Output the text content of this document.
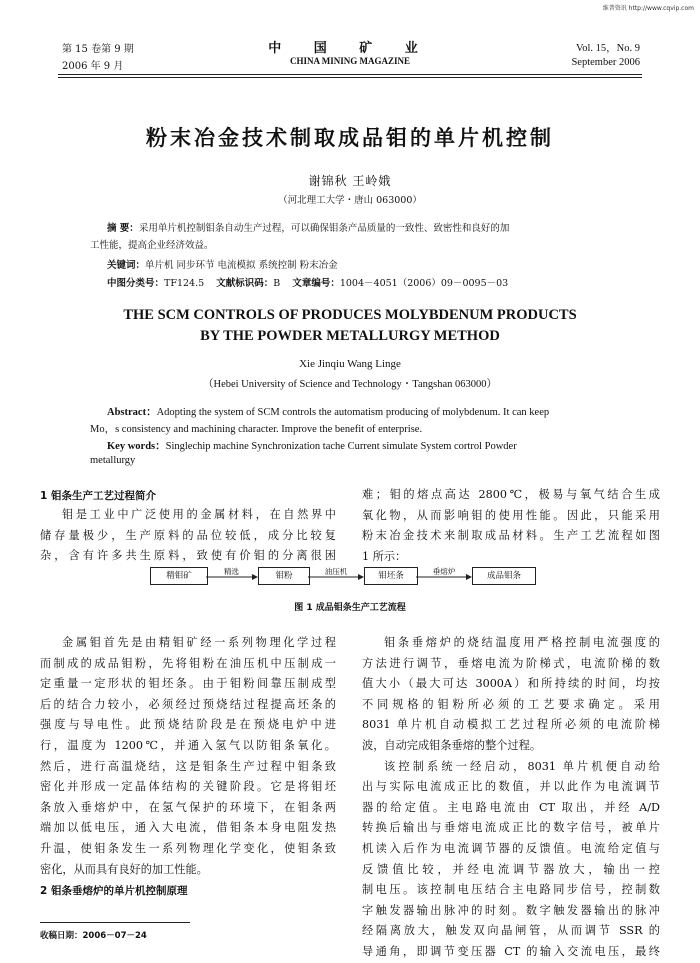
维普资讯 http://www.cqvip.com
第 15 卷第 9 期
2006 年 9 月
中 国 矿 业
CHINA MINING MAGAZINE
Vol. 15，No. 9
September 2006
粉末冶金技术制取成品钼的单片机控制
谢锦秋 王岭娥
（河北理工大学・唐山 063000）
摘 要：采用单片机控制钼条自动生产过程，可以确保钼条产品质量的一致性、致密性和良好的加
工性能，提高企业经济效益。
关键词：单片机 同步环节 电流模拟 系统控制 粉末冶金
中图分类号：TF124.5 文献标识码：B 文章编号：1004－4051（2006）09－0095－03
THE SCM CONTROLS OF PRODUCES MOLYBDENUM PRODUCTS
BY THE POWDER METALLURGY METHOD
Xie Jinqiu Wang Linge
（Hebei University of Science and Technology・Tangshan 063000）
Abstract：Adopting the system of SCM controls the automatism producing of molybdenum. It can keep
Mo，s consistency and machining character. Improve the benefit of enterprise.
Key words：Singlechip machine Synchronization tache Current simulate System cortrol Powder
metallurgy
1 钼条生产工艺过程简介
钼是工业中广泛使用的金属材料，在自然界中
储存量极少，生产原料的品位较低，成分比较复
杂，含有许多共生原料，致使有价钼的分离很困
难；钼的熔点高达 2800℃，极易与氧气结合生成
氧化物，从而影响钼的使用性能。因此，只能采用
粉末冶金技术来制取成品材料。生产工艺流程如图
1 所示：
精钼矿	精选	钼粉	油压机	钼坯条	垂熔炉	成品钼条
图 1 成品钼条生产工艺流程
金属钼首先是由精钼矿经一系列物理化学过程
而制成的成品钼粉，先将钼粉在油压机中压制成一
定重量一定形状的钼坯条。由于钼粉间靠压制成型
后的结合力较小，必须经过预烧结过程提高坯条的
强度与导电性。此预烧结阶段是在预烧电炉中进
行，温度为 1200℃，并通入氢气以防钼条氧化。
然后，进行高温烧结，这是钼条生产过程中钼条致
密化并形成一定晶体结构的关键阶段。它是将钼坯
条放入垂熔炉中，在氢气保护的环境下，在钼条两
端加以低电压，通入大电流，借钼条本身电阻发热
升温，使钼条发生一系列物理化学变化，使钼条致
密化，从而具有良好的加工性能。
2 钼条垂熔炉的单片机控制原理
收稿日期：2006－07－24
钼条垂熔炉的烧结温度用严格控制电流强度的
方法进行调节，垂熔电流为阶梯式，电流阶梯的数
值大小（最大可达 3000A）和所持续的时间，均按
不同规格的钼粉所必须的工艺要求确定。采用
8031 单片机自动模拟工艺过程所必须的电流阶梯
波，自动完成钼条垂熔的整个过程。
该控制系统一经启动，8031 单片机便自动给
出与实际电流成正比的数值，并以此作为电流调节
器的给定值。主电路电流由 CT 取出，并经 A/D
转换后输出与垂熔电流成正比的数字信号，被单片
机读入后作为电流调节器的反馈值。电流给定值与
反馈值比较，并经电流调节器放大，输出一控
制电压。该控制电压结合主电路同步信号，控制数
字触发器输出脉冲的时刻。数字触发器输出的脉冲
经隔离放大，触发双向晶闸管，从而调节 SSR 的
导通角，即调节变压器 CT 的输入交流电压，最终
